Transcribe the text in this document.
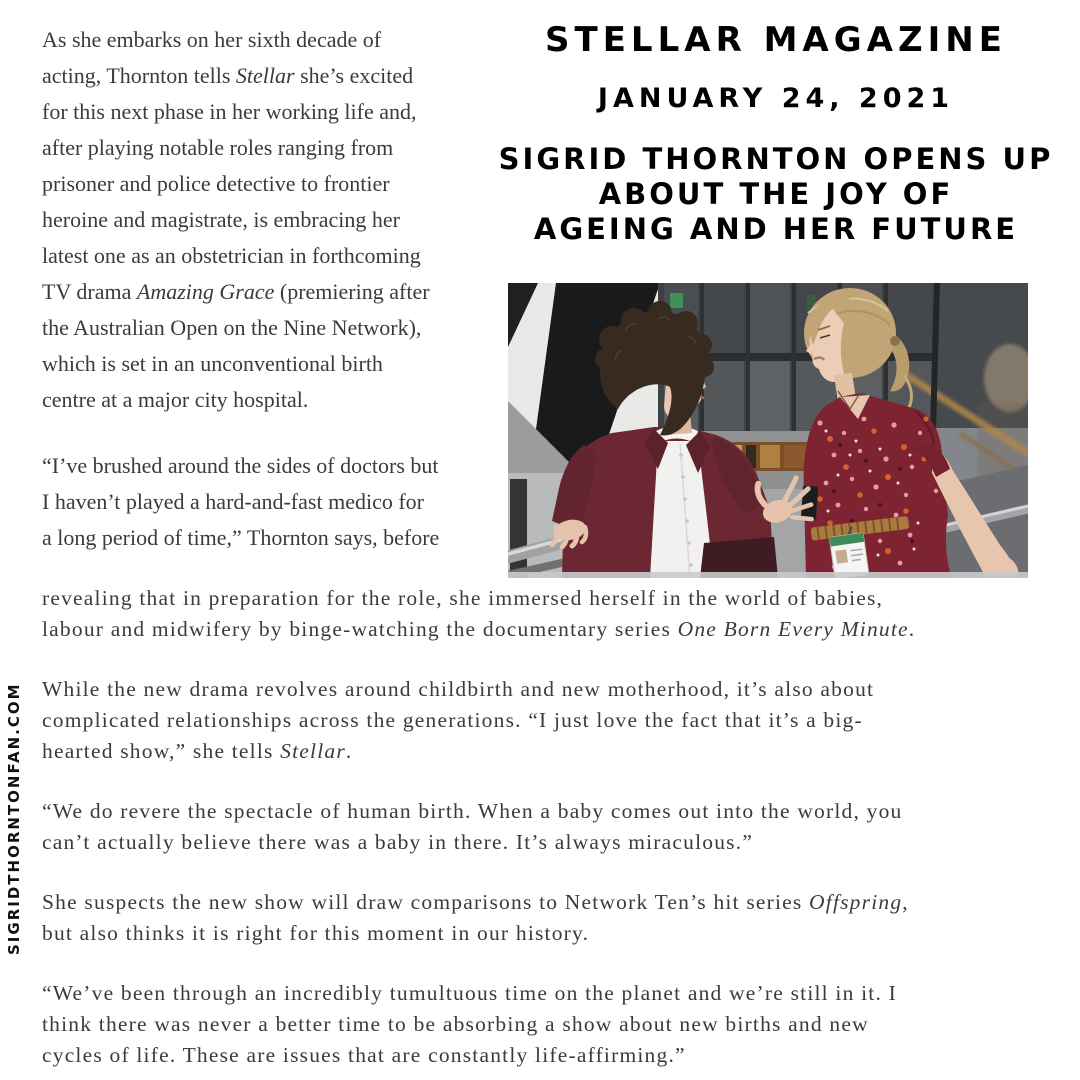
SIGRIDTHORNTONFAN.COM
As she embarks on her sixth decade of
acting, Thornton tells Stellar she’s excited
for this next phase in her working life and,
after playing notable roles ranging from
prisoner and police detective to frontier
heroine and magistrate, is embracing her
latest one as an obstetrician in forthcoming
TV drama Amazing Grace (premiering after
the Australian Open on the Nine Network),
which is set in an unconventional birth
centre at a major city hospital.
“I’ve brushed around the sides of doctors but
I haven’t played a hard-and-fast medico for
a long period of time,” Thornton says, before
STELLAR MAGAZINE
JANUARY 24, 2021
SIGRID THORNTON OPENS UP
ABOUT THE JOY OF
AGEING AND HER FUTURE
revealing that in preparation for the role, she immersed herself in the world of babies,
labour and midwifery by binge-watching the documentary series One Born Every Minute.
While the new drama revolves around childbirth and new motherhood, it’s also about
complicated relationships across the generations. “I just love the fact that it’s a big-
hearted show,” she tells Stellar.
“We do revere the spectacle of human birth. When a baby comes out into the world, you
can’t actually believe there was a baby in there. It’s always miraculous.”
She suspects the new show will draw comparisons to Network Ten’s hit series Offspring,
but also thinks it is right for this moment in our history.
“We’ve been through an incredibly tumultuous time on the planet and we’re still in it. I
think there was never a better time to be absorbing a show about new births and new
cycles of life. These are issues that are constantly life-affirming.”
